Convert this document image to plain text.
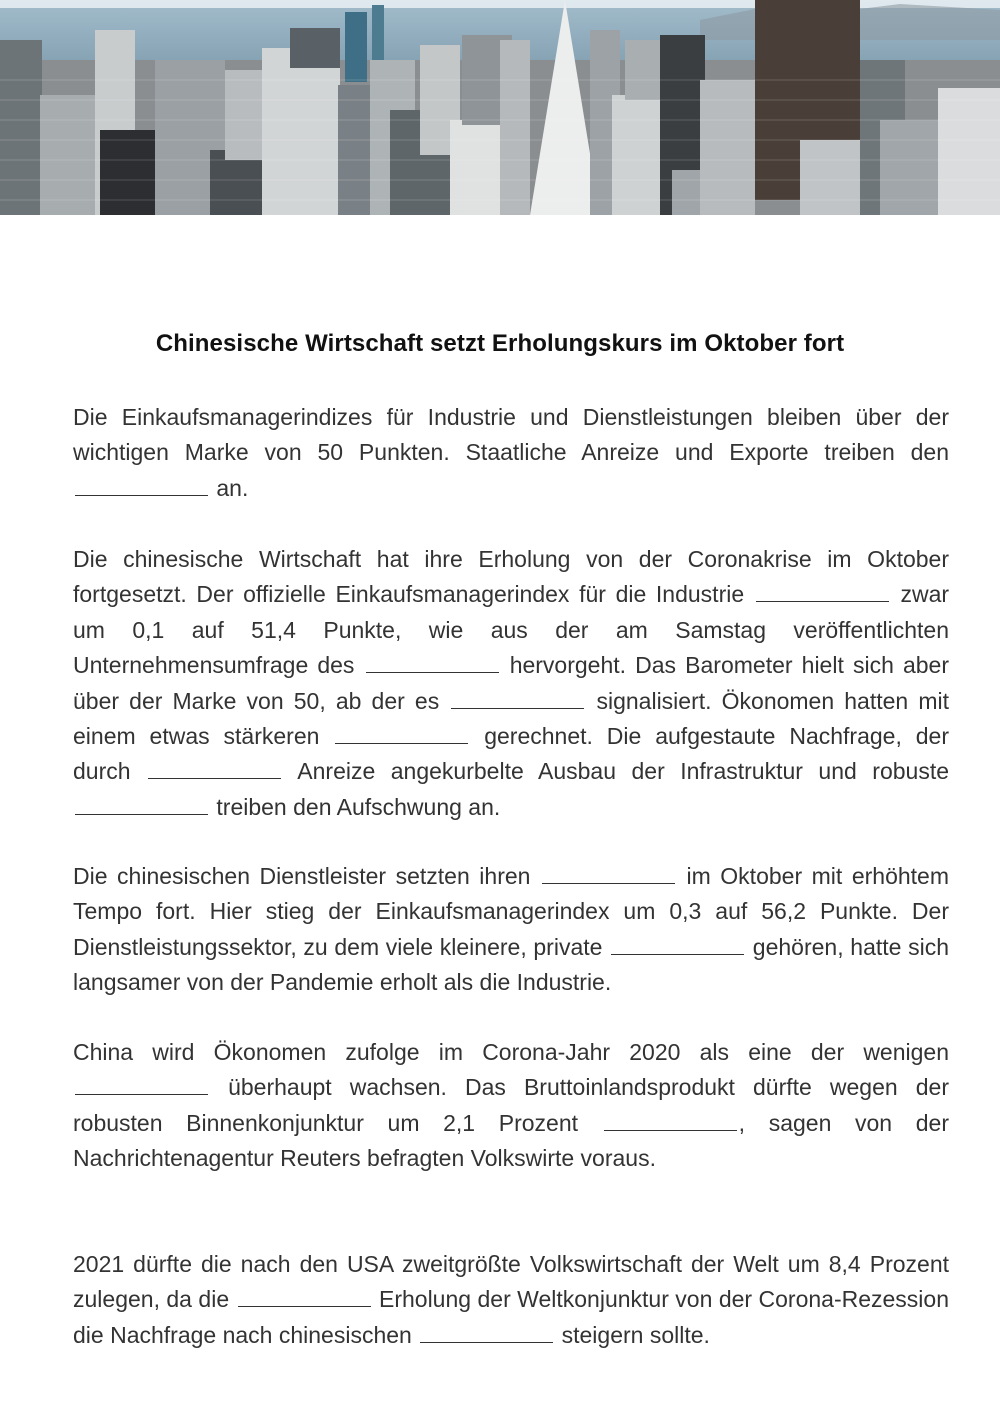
Chinesische Wirtschaft setzt Erholungskurs im Oktober fort

Die Einkaufsmanagerindizes für Industrie und Dienstleistungen bleiben über der wichtigen Marke von 50 Punkten. Staatliche Anreize und Exporte treiben den  an.

Die chinesische Wirtschaft hat ihre Erholung von der Coronakrise im Oktober fortgesetzt. Der offizielle Einkaufsmanagerindex für die Industrie	zwar um 0,1 auf 51,4 Punkte, wie aus der am Samstag veröffentlichten Unternehmensumfrage des	hervorgeht. Das Barometer hielt sich aber über der Marke von 50, ab der es	signalisiert. Ökonomen hatten mit einem etwas stärkeren	gerechnet. Die aufgestaute Nachfrage, der durch	Anreize angekurbelte Ausbau der Infrastruktur und robuste  treiben den Aufschwung an.

Die chinesischen Dienstleister setzten ihren	im Oktober mit erhöhtem Tempo fort. Hier stieg der Einkaufsmanagerindex um 0,3 auf 56,2 Punkte. Der Dienstleistungssektor, zu dem viele kleinere, private	gehören, hatte sich langsamer von der Pandemie erholt als die Industrie.

China wird Ökonomen zufolge im Corona-Jahr 2020 als eine der wenigen  überhaupt wachsen. Das Bruttoinlandsprodukt dürfte wegen der robusten Binnenkonjunktur um 2,1 Prozent	, sagen von der Nachrichtenagentur Reuters befragten Volkswirte voraus.

2021 dürfte die nach den USA zweitgrößte Volkswirtschaft der Welt um 8,4 Prozent zulegen, da die	Erholung der Weltkonjunktur von der Corona-Rezession die Nachfrage nach chinesischen	steigern sollte.
